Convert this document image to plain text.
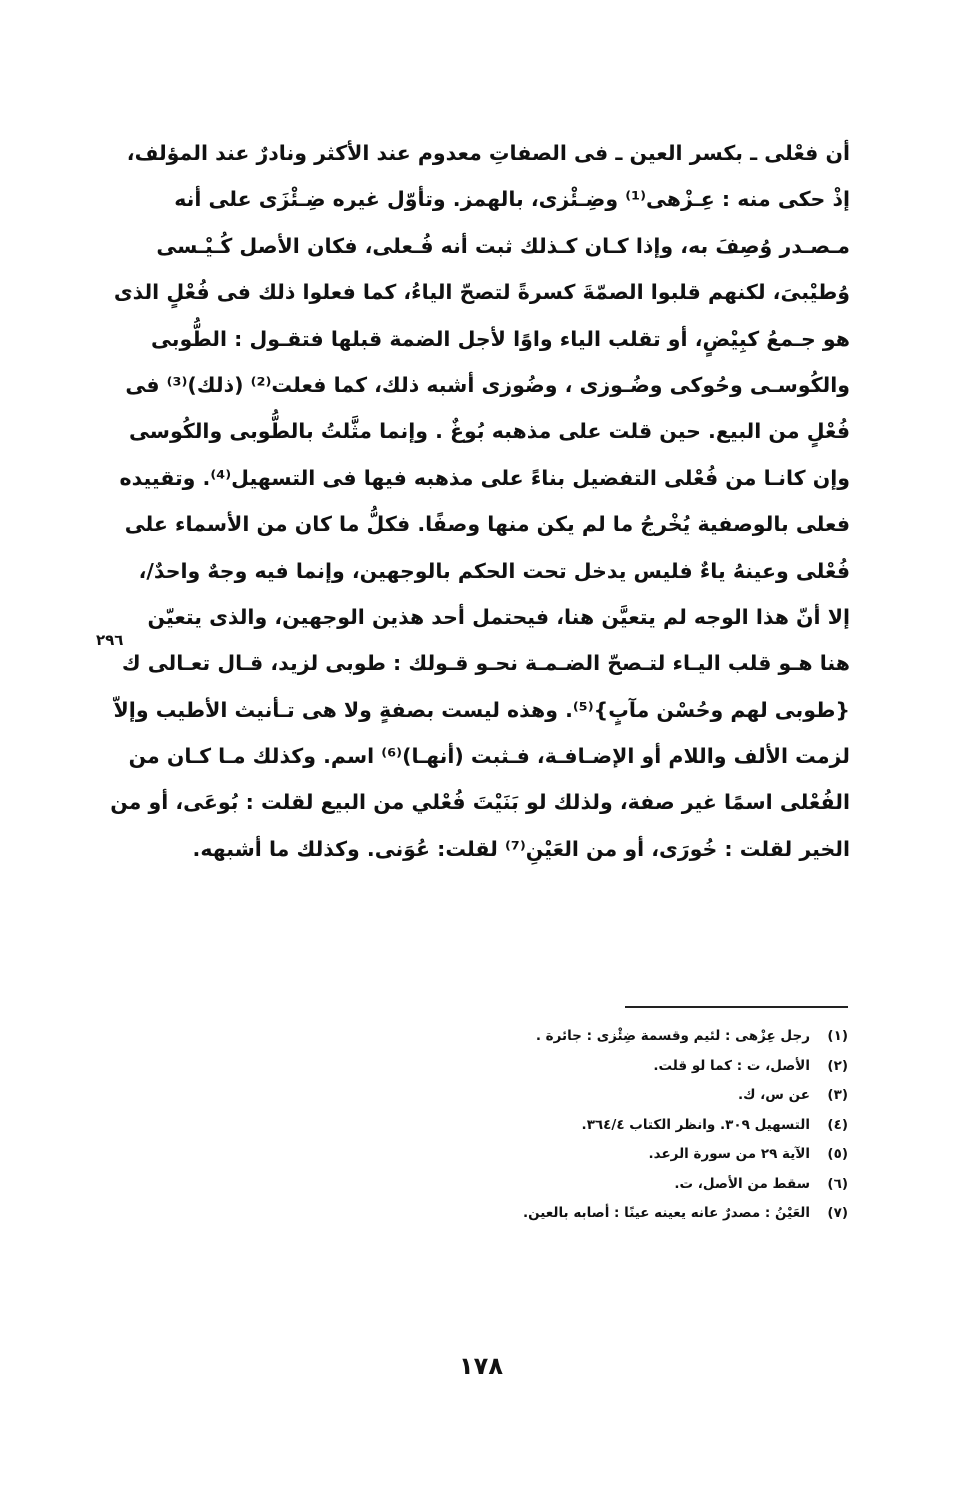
أن فعْلى ـ بكسر العين ـ فى الصفاتِ معدوم عند الأكثر ونادرٌ عند المؤلف،
إذْ حكى منه : عِـزْهى⁽¹⁾ وضِـئْزى، بالهمز. وتأوّل غيره ضِـئْزَى على أنه
مـصـدر وُصِفَ به، وإذا كـان كـذلك ثبت أنه فُـعلى، فكان الأصل كُـيْـسى
وُطيْبىَ، لكنهم قلبوا الصمّةَ كسرةً لتصحّ الياءُ، كما فعلوا ذلك فى فُعْلٍ الذى
هو جـمعُ كبِيْضٍ، أو تقلب الياء واوًا لأجل الضمة قبلها فتقـول : الطُّوبى
والكُوسـى وحُوكى وضُـوزى ، وضُوزى أشبه ذلك، كما فعلت⁽²⁾ (ذلك)⁽³⁾ فى
فُعْلٍ من البيع. حين قلت على مذهبه بُوغٌ . وإنما مثَّلتُ بالطُّوبى والكُوسى
وإن كانـا من فُعْلى التفضيل بناءً على مذهبه فيها فى التسهيل⁽⁴⁾. وتقييده
فعلى بالوصفية يُخْرجُ ما لم يكن منها وصفًا. فكلُّ ما كان من الأسماء على
فُعْلى وعينهُ ياءٌ فليس يدخل تحت الحكم بالوجهين، وإنما فيه وجهٌ واحدٌ/،
إلا أنّ هذا الوجه لم يتعيَّن هنا، فيحتمل أحد هذين الوجهين، والذى يتعيّن
هنا هـو قلب اليـاء لتـصحّ الضـمـة نحـو قـولك : طوبى لزيد، قـال تعـالى ك
{طوبى لهم وحُسْن مآبٍ}⁽⁵⁾. وهذه ليست بصفةٍ ولا هى تـأنيث الأطيب وإلاّ
لزمت الألف واللام أو الإضـافـة، فـثبت (أنهـا)⁽⁶⁾ اسم. وكذلك مـا كـان من
الفُعْلى اسمًا غير صفة، ولذلك لو بَنَيْتَ فُعْلي من البيع لقلت : بُوعَى، أو من
الخير لقلت : خُورَى، أو من العَيْنِ⁽⁷⁾ لقلت: عُوَنى. وكذلك ما أشبهه.
٢٩٦
(١)رجل عِزْهى : لئيم وقسمة ضِئْزى : جائرة .
(٢)الأصل، ت : كما لو قلت.
(٣)عن س، ك.
(٤)التسهيل ٣٠٩. وانظر الكتاب ٣٦٤/٤.
(٥)الآية ٢٩ من سورة الرعد.
(٦)سقط من الأصل، ت.
(٧)العَيْنُ : مصدرٌ عانه يعينه عينًا : أصابه بالعين.
١٧٨
